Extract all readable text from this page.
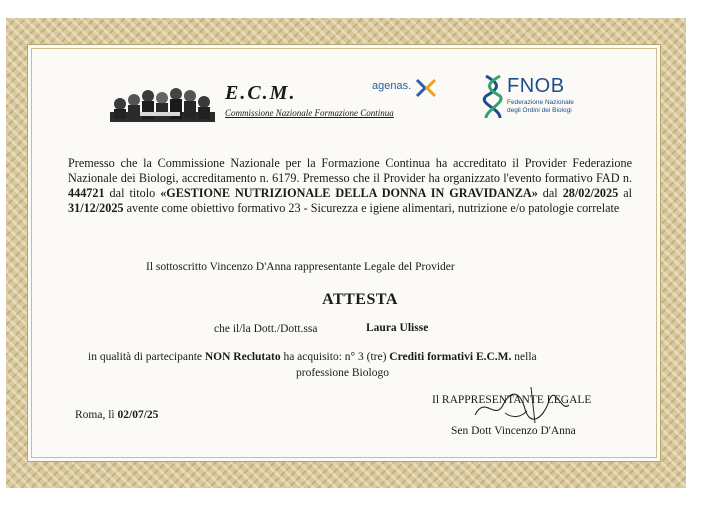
E.C.M.
Commissione Nazionale Formazione Continua
agenas.	FNOB
Federazione Nazionale
degli Ordini dei Biologi
Premesso che la Commissione Nazionale per la Formazione Continua ha accreditato il Provider Federazione Nazionale dei Biologi, accreditamento n. 6179. Premesso che il Provider ha organizzato l'evento formativo FAD n. 444721 dal titolo «GESTIONE NUTRIZIONALE DELLA DONNA IN GRAVIDANZA» dal 28/02/2025 al 31/12/2025 avente come obiettivo formativo 23 - Sicurezza e igiene alimentari, nutrizione e/o patologie correlate
Il sottoscritto Vincenzo D'Anna rappresentante Legale del Provider
ATTESTA
che il/la Dott./Dott.ssa	Laura Ulisse
in qualità di partecipante NON Reclutato ha acquisito: n° 3 (tre) Crediti formativi E.C.M. nella
professione Biologo
Roma, lì 02/07/25
Il RAPPRESENTANTE LEGALE
Sen Dott Vincenzo D'Anna
